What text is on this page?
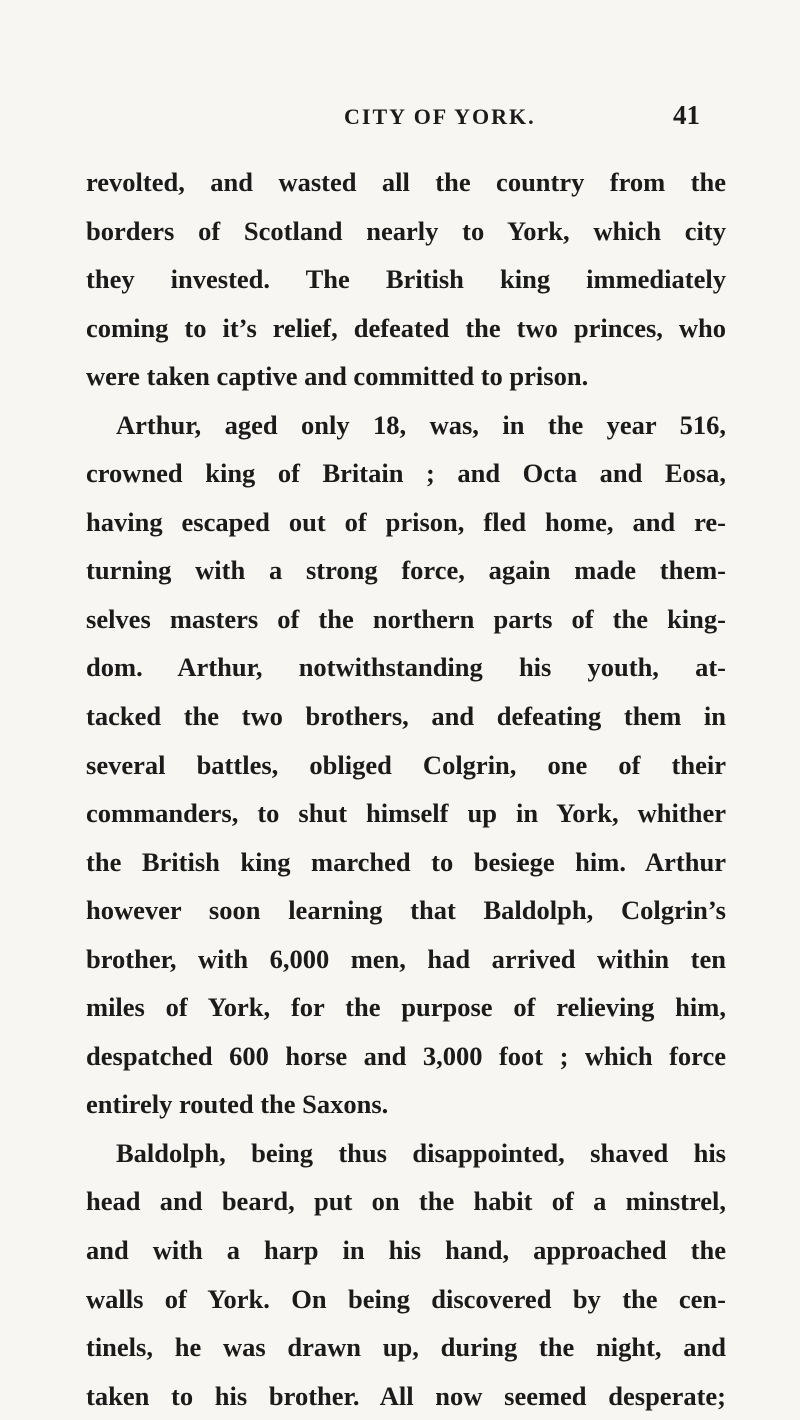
CITY OF YORK.	41
revolted, and wasted all the country from the
borders of Scotland nearly to York, which city
they invested. The British king immediately
coming to it’s relief, defeated the two princes, who
were taken captive and committed to prison.
Arthur, aged only 18, was, in the year 516,
crowned king of Britain ; and Octa and Eosa,
having escaped out of prison, fled home, and re-
turning with a strong force, again made them-
selves masters of the northern parts of the king-
dom. Arthur, notwithstanding his youth, at-
tacked the two brothers, and defeating them in
several battles, obliged Colgrin, one of their
commanders, to shut himself up in York, whither
the British king marched to besiege him. Arthur
however soon learning that Baldolph, Colgrin’s
brother, with 6,000 men, had arrived within ten
miles of York, for the purpose of relieving him,
despatched 600 horse and 3,000 foot ; which force
entirely routed the Saxons.
Baldolph, being thus disappointed, shaved his
head and beard, put on the habit of a minstrel,
and with a harp in his hand, approached the
walls of York. On being discovered by the cen-
tinels, he was drawn up, during the night, and
taken to his brother. All now seemed desperate;
